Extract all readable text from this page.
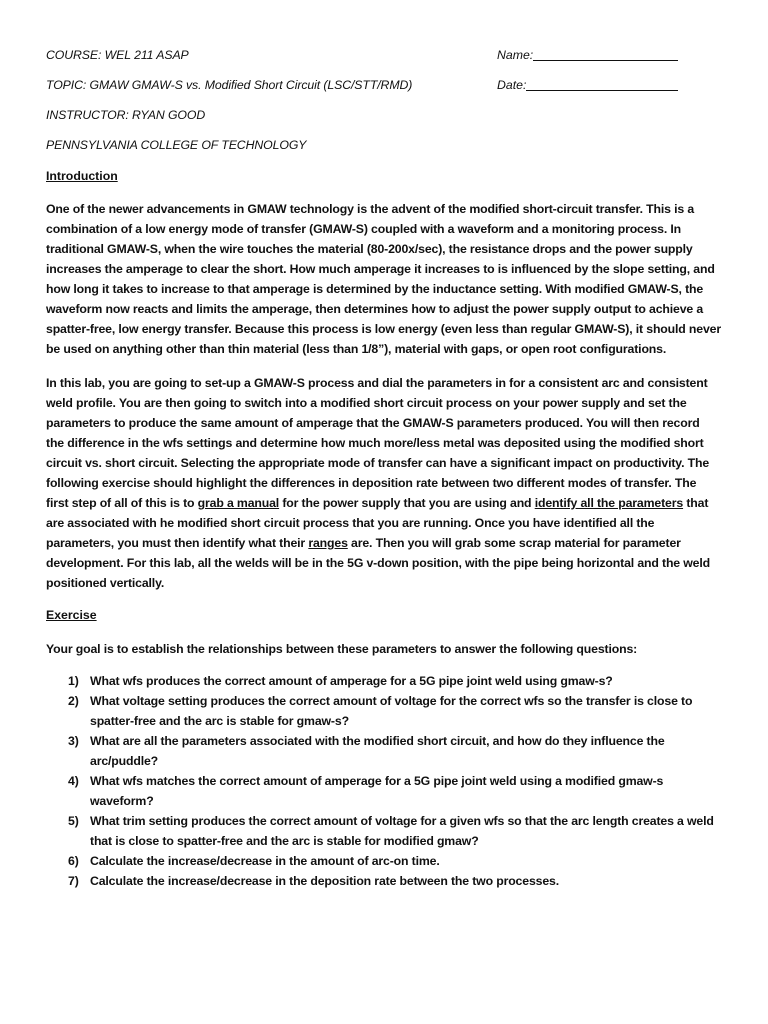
COURSE: WEL 211 ASAP	Name:
TOPIC: GMAW GMAW-S vs. Modified Short Circuit (LSC/STT/RMD)	Date:
INSTRUCTOR: RYAN GOOD
PENNSYLVANIA COLLEGE OF TECHNOLOGY
Introduction
One of the newer advancements in GMAW technology is the advent of the modified short-circuit transfer. This is a
combination of a low energy mode of transfer (GMAW-S) coupled with a waveform and a monitoring process. In
traditional GMAW-S, when the wire touches the material (80-200x/sec), the resistance drops and the power supply
increases the amperage to clear the short. How much amperage it increases to is influenced by the slope setting, and
how long it takes to increase to that amperage is determined by the inductance setting. With modified GMAW-S, the
waveform now reacts and limits the amperage, then determines how to adjust the power supply output to achieve a
spatter-free, low energy transfer. Because this process is low energy (even less than regular GMAW-S), it should never
be used on anything other than thin material (less than 1/8”), material with gaps, or open root configurations.
In this lab, you are going to set-up a GMAW-S process and dial the parameters in for a consistent arc and consistent
weld profile. You are then going to switch into a modified short circuit process on your power supply and set the
parameters to produce the same amount of amperage that the GMAW-S parameters produced. You will then record
the difference in the wfs settings and determine how much more/less metal was deposited using the modified short
circuit vs. short circuit. Selecting the appropriate mode of transfer can have a significant impact on productivity. The
following exercise should highlight the differences in deposition rate between two different modes of transfer. The
first step of all of this is to grab a manual for the power supply that you are using and identify all the parameters that
are associated with he modified short circuit process that you are running. Once you have identified all the
parameters, you must then identify what their ranges are. Then you will grab some scrap material for parameter
development. For this lab, all the welds will be in the 5G v-down position, with the pipe being horizontal and the weld
positioned vertically.
Exercise
Your goal is to establish the relationships between these parameters to answer the following questions:
1) What wfs produces the correct amount of amperage for a 5G pipe joint weld using gmaw-s?
2) What voltage setting produces the correct amount of voltage for the correct wfs so the transfer is close to
spatter-free and the arc is stable for gmaw-s?
3) What are all the parameters associated with the modified short circuit, and how do they influence the
arc/puddle?
4) What wfs matches the correct amount of amperage for a 5G pipe joint weld using a modified gmaw-s
waveform?
5) What trim setting produces the correct amount of voltage for a given wfs so that the arc length creates a weld
that is close to spatter-free and the arc is stable for modified gmaw?
6) Calculate the increase/decrease in the amount of arc-on time.
7) Calculate the increase/decrease in the deposition rate between the two processes.
